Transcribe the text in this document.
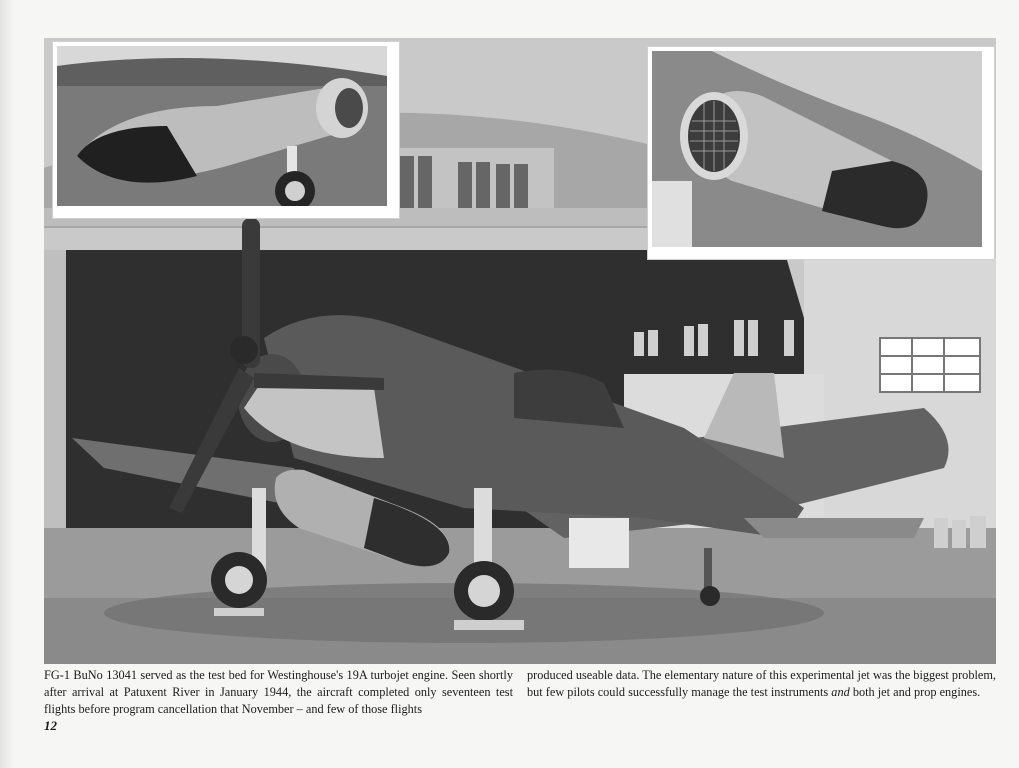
FG-1 BuNo 13041 served as the test bed for Westinghouse's 19A turbojet engine. Seen shortly after arrival at Patuxent River in January 1944, the aircraft completed only seventeen test flights before program cancellation that November – and few of those flights
produced useable data. The elementary nature of this experimental jet was the biggest problem, but few pilots could successfully manage the test instruments and both jet and prop engines.
12
